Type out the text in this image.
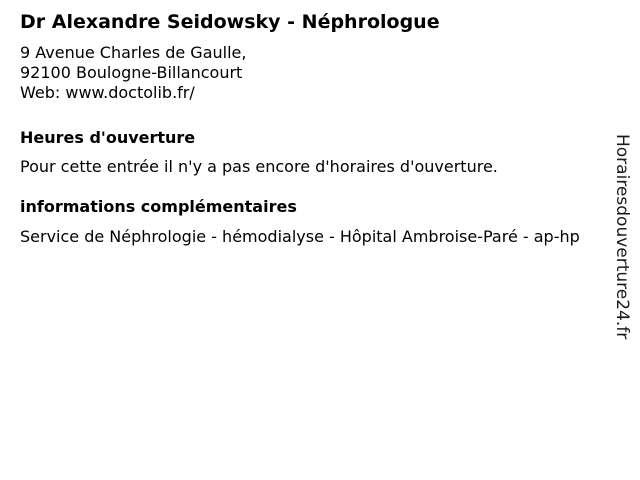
Dr Alexandre Seidowsky - Néphrologue
9 Avenue Charles de Gaulle,
92100 Boulogne-Billancourt
Web: www.doctolib.fr/
Heures d'ouverture
Pour cette entrée il n'y a pas encore d'horaires d'ouverture.
informations complémentaires
Service de Néphrologie - hémodialyse - Hôpital Ambroise-Paré - ap-hp	Horairesdouverture24.fr
